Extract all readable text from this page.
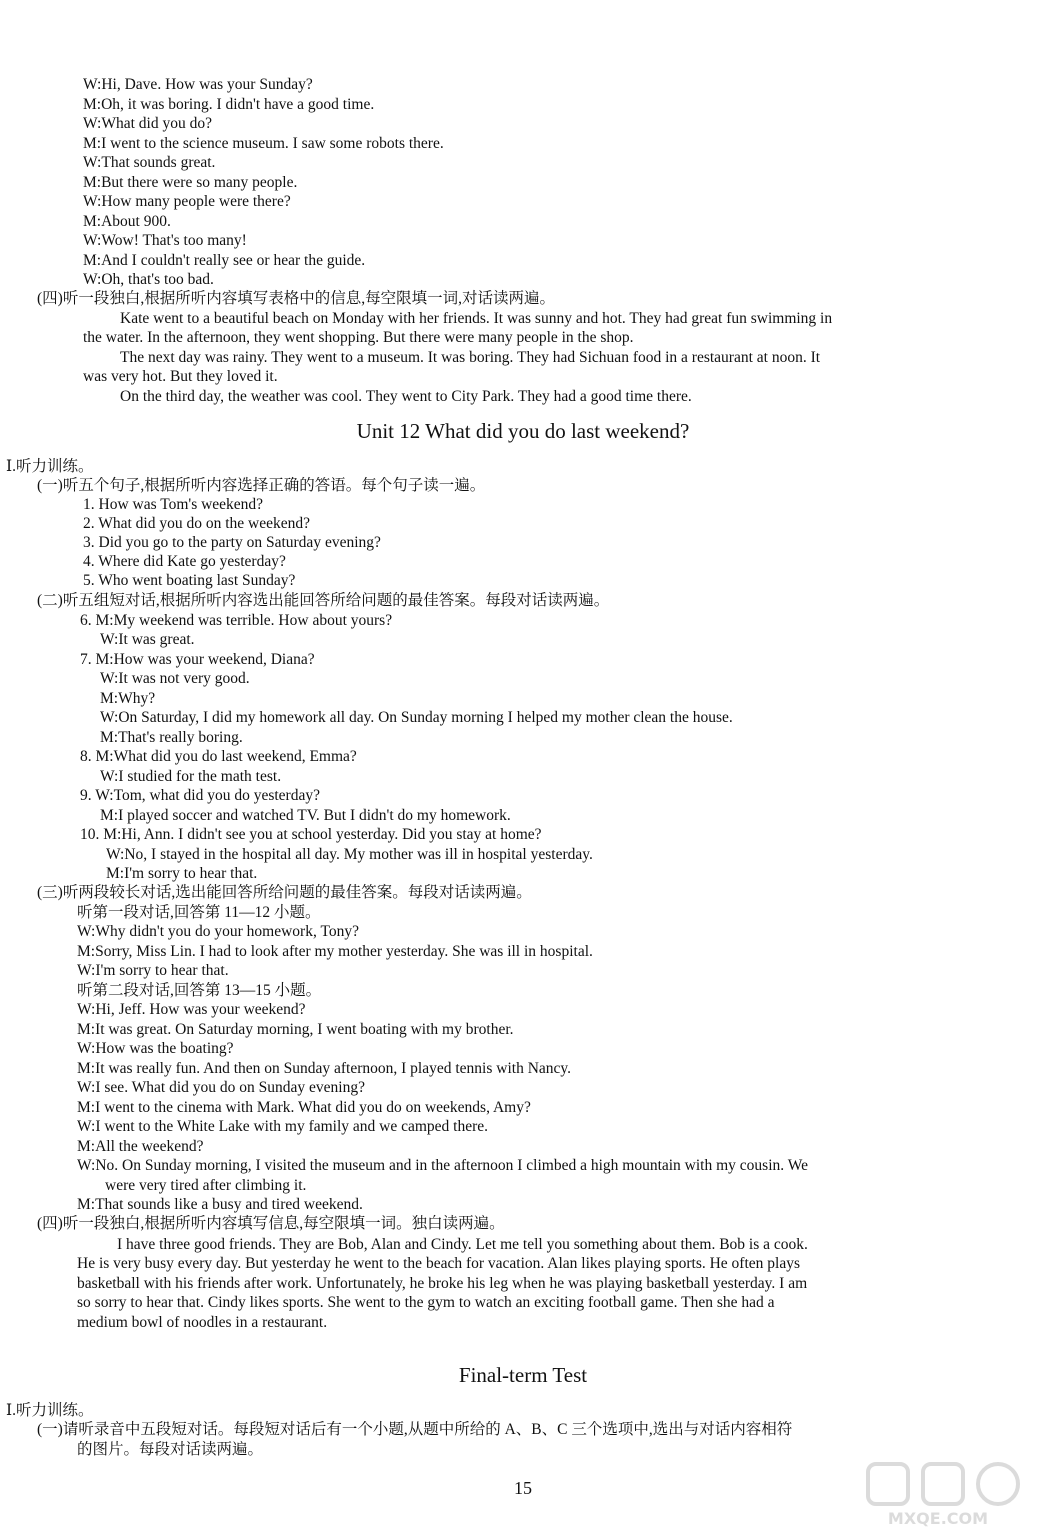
W:Hi, Dave. How was your Sunday?
M:Oh, it was boring. I didn't have a good time.
W:What did you do?
M:I went to the science museum. I saw some robots there.
W:That sounds great.
M:But there were so many people.
W:How many people were there?
M:About 900.
W:Wow! That's too many!
M:And I couldn't really see or hear the guide.
W:Oh, that's too bad.
(四)听一段独白,根据所听内容填写表格中的信息,每空限填一词,对话读两遍。
Kate went to a beautiful beach on Monday with her friends. It was sunny and hot. They had great fun swimming in
the water. In the afternoon, they went shopping. But there were many people in the shop.
The next day was rainy. They went to a museum. It was boring. They had Sichuan food in a restaurant at noon. It
was very hot. But they loved it.
On the third day, the weather was cool. They went to City Park. They had a good time there.
Unit 12 What did you do last weekend?
Ⅰ.听力训练。
(一)听五个句子,根据所听内容选择正确的答语。每个句子读一遍。
1. How was Tom's weekend?
2. What did you do on the weekend?
3. Did you go to the party on Saturday evening?
4. Where did Kate go yesterday?
5. Who went boating last Sunday?
(二)听五组短对话,根据所听内容选出能回答所给问题的最佳答案。每段对话读两遍。
6. M:My weekend was terrible. How about yours?
W:It was great.
7. M:How was your weekend, Diana?
W:It was not very good.
M:Why?
W:On Saturday, I did my homework all day. On Sunday morning I helped my mother clean the house.
M:That's really boring.
8. M:What did you do last weekend, Emma?
W:I studied for the math test.
9. W:Tom, what did you do yesterday?
M:I played soccer and watched TV. But I didn't do my homework.
10. M:Hi, Ann. I didn't see you at school yesterday. Did you stay at home?
W:No, I stayed in the hospital all day. My mother was ill in hospital yesterday.
M:I'm sorry to hear that.
(三)听两段较长对话,选出能回答所给问题的最佳答案。每段对话读两遍。
听第一段对话,回答第 11—12 小题。
W:Why didn't you do your homework, Tony?
M:Sorry, Miss Lin. I had to look after my mother yesterday. She was ill in hospital.
W:I'm sorry to hear that.
听第二段对话,回答第 13—15 小题。
W:Hi, Jeff. How was your weekend?
M:It was great. On Saturday morning, I went boating with my brother.
W:How was the boating?
M:It was really fun. And then on Sunday afternoon, I played tennis with Nancy.
W:I see. What did you do on Sunday evening?
M:I went to the cinema with Mark. What did you do on weekends, Amy?
W:I went to the White Lake with my family and we camped there.
M:All the weekend?
W:No. On Sunday morning, I visited the museum and in the afternoon I climbed a high mountain with my cousin. We
were very tired after climbing it.
M:That sounds like a busy and tired weekend.
(四)听一段独白,根据所听内容填写信息,每空限填一词。独白读两遍。
I have three good friends. They are Bob, Alan and Cindy. Let me tell you something about them. Bob is a cook.
He is very busy every day. But yesterday he went to the beach for vacation. Alan likes playing sports. He often plays
basketball with his friends after work. Unfortunately, he broke his leg when he was playing basketball yesterday. I am
so sorry to hear that. Cindy likes sports. She went to the gym to watch an exciting football game. Then she had a
medium bowl of noodles in a restaurant.
Final-term Test
Ⅰ.听力训练。
(一)请听录音中五段短对话。每段短对话后有一个小题,从题中所给的 A、B、C 三个选项中,选出与对话内容相符
的图片。每段对话读两遍。
15
MXQE.COM
